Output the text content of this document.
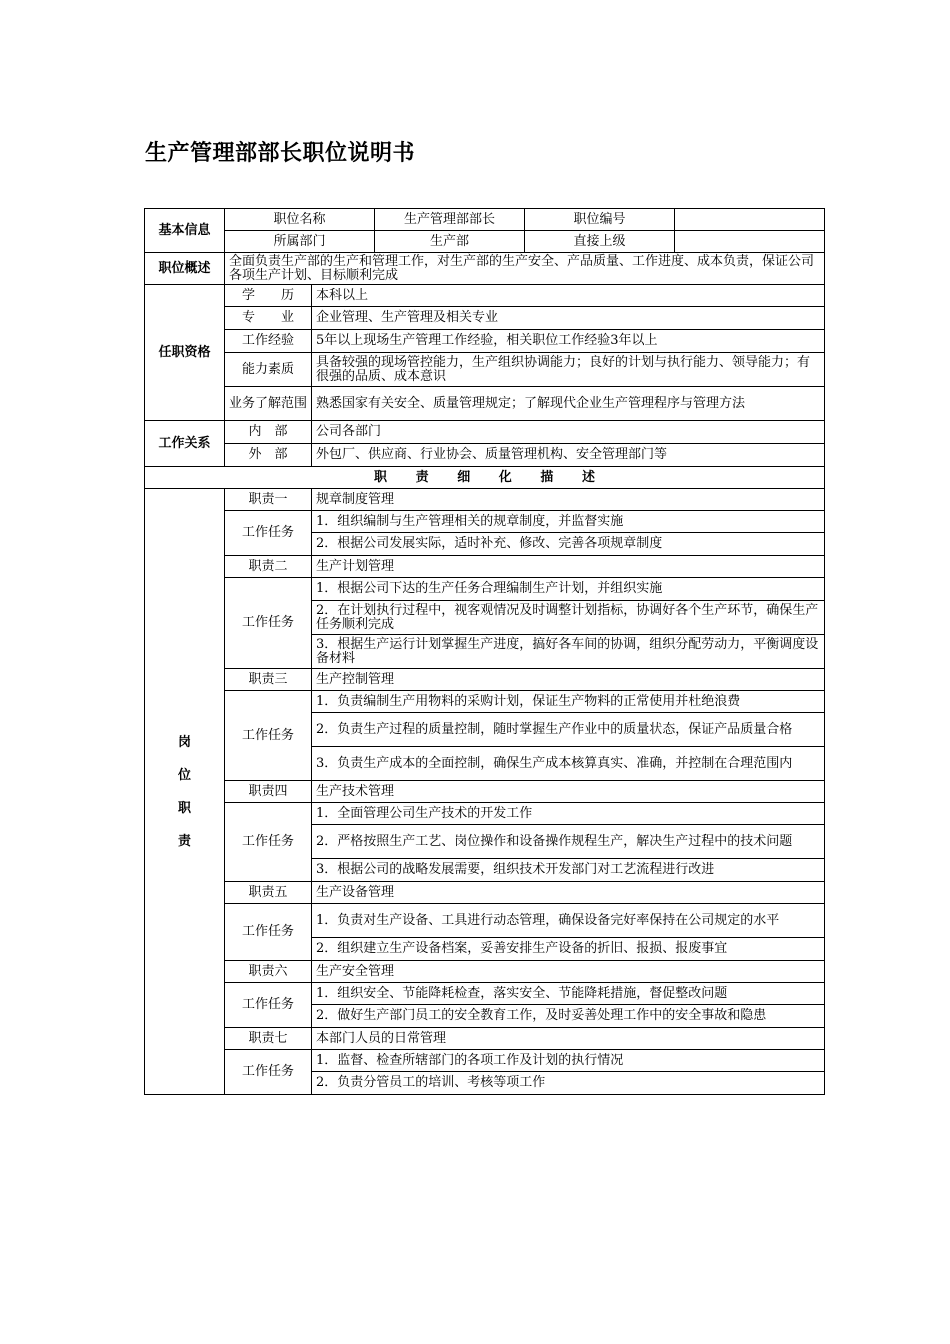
生产管理部部长职位说明书
基本信息	职位名称		生产管理部部长	职位编号	
	所属部门		生产部	直接上级	
职位概述	全面负责生产部的生产和管理工作，对生产部的生产安全、产品质量、工作进度、成本负责，保证公司各项生产计划、目标顺利完成				
任职资格	学　　历	本科以上			
	专　　业	企业管理、生产管理及相关专业			
	工作经验	5年以上现场生产管理工作经验，相关职位工作经验3年以上			
	能力素质	具备较强的现场管控能力，生产组织协调能力；良好的计划与执行能力、领导能力；有很强的品质、成本意识			
	业务了解范围	熟悉国家有关安全、质量管理规定；了解现代企业生产管理程序与管理方法			
工作关系	内　部	公司各部门			
	外　部	外包厂、供应商、行业协会、质量管理机构、安全管理部门等			
职责细化描述					

岗
位
职
责	职责一	规章制度管理			
	工作任务	1．组织编制与生产管理相关的规章制度，并监督实施			
		2．根据公司发展实际，适时补充、修改、完善各项规章制度			
	职责二	生产计划管理			
	工作任务	1．根据公司下达的生产任务合理编制生产计划，并组织实施			
		2．在计划执行过程中，视客观情况及时调整计划指标，协调好各个生产环节，确保生产任务顺利完成			
		3．根据生产运行计划掌握生产进度，搞好各车间的协调，组织分配劳动力，平衡调度设备材料			
	职责三	生产控制管理			
	工作任务	1．负责编制生产用物料的采购计划，保证生产物料的正常使用并杜绝浪费			
		2．负责生产过程的质量控制，随时掌握生产作业中的质量状态，保证产品质量合格			
		3．负责生产成本的全面控制，确保生产成本核算真实、准确，并控制在合理范围内			
	职责四	生产技术管理			
	工作任务	1．全面管理公司生产技术的开发工作			
		2．严格按照生产工艺、岗位操作和设备操作规程生产，解决生产过程中的技术问题			
		3．根据公司的战略发展需要，组织技术开发部门对工艺流程进行改进			
	职责五	生产设备管理			
	工作任务	1．负责对生产设备、工具进行动态管理，确保设备完好率保持在公司规定的水平			
		2．组织建立生产设备档案，妥善安排生产设备的折旧、报损、报废事宜			
	职责六	生产安全管理			
	工作任务	1．组织安全、节能降耗检查，落实安全、节能降耗措施，督促整改问题			
		2．做好生产部门员工的安全教育工作，及时妥善处理工作中的安全事故和隐患			
	职责七	本部门人员的日常管理			
	工作任务	1．监督、检查所辖部门的各项工作及计划的执行情况			
		2．负责分管员工的培训、考核等项工作			
